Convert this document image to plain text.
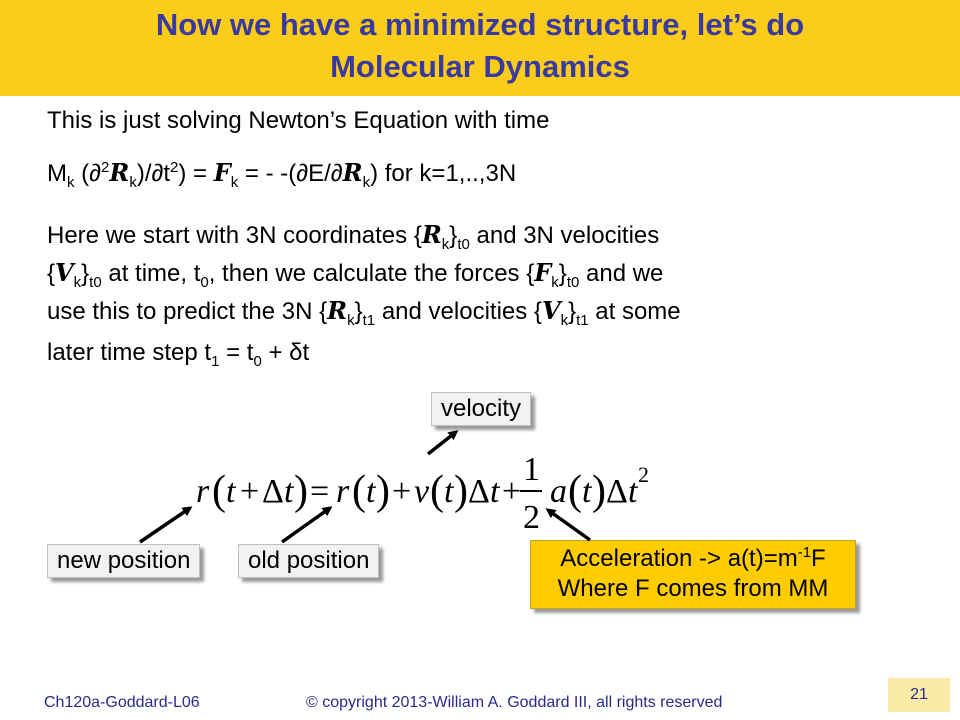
Now we have a minimized structure, let’s do
Molecular Dynamics
This is just solving Newton’s Equation with time
$M_k$ $(\partial^2R_k)/\partial t^2) = F_k$ = - $-(\partial E/\partial R_k)$ for k=1,..,3N
Here we start with 3N coordinates $\{R_k\}_{t0}$ and 3N velocities
$\{V_k\}_{t0}$ at time, $t_0$, then we calculate the forces $\{F_k\}_{t0}$ and we
use this to predict the 3N $\{R_k\}_{t1}$ and velocities $\{V_k\}_{t1}$ at some
later time step $t_1 = t_0 + \delta t$
velocity
new position	old position	Acceleration -> $a(t)=m^{-1}F$
Where F comes from MM
r ( t + Δ t ) = r ( t ) + v ( t ) Δ t +
1
2
a ( t ) Δ t 2
Ch120a-Goddard-L06	© copyright 2013-William A. Goddard III, all rights reserved	21
